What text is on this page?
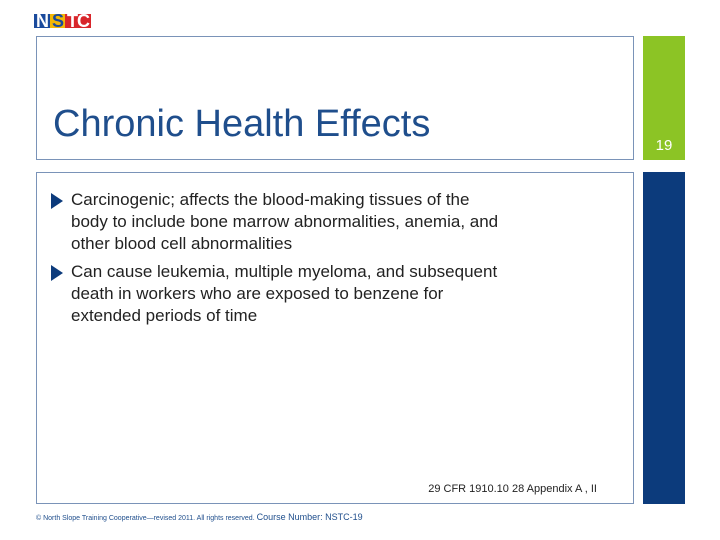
N S TC
Chronic Health Effects
19
Carcinogenic; affects the blood-making tissues of the body to include bone marrow abnormalities, anemia, and other blood cell abnormalities
Can cause leukemia, multiple myeloma, and subsequent death in workers who are exposed to benzene for extended periods of time
29 CFR 1910.10 28 Appendix A , II
© North Slope Training Cooperative—revised 2011. All rights reserved. Course Number: NSTC-19
